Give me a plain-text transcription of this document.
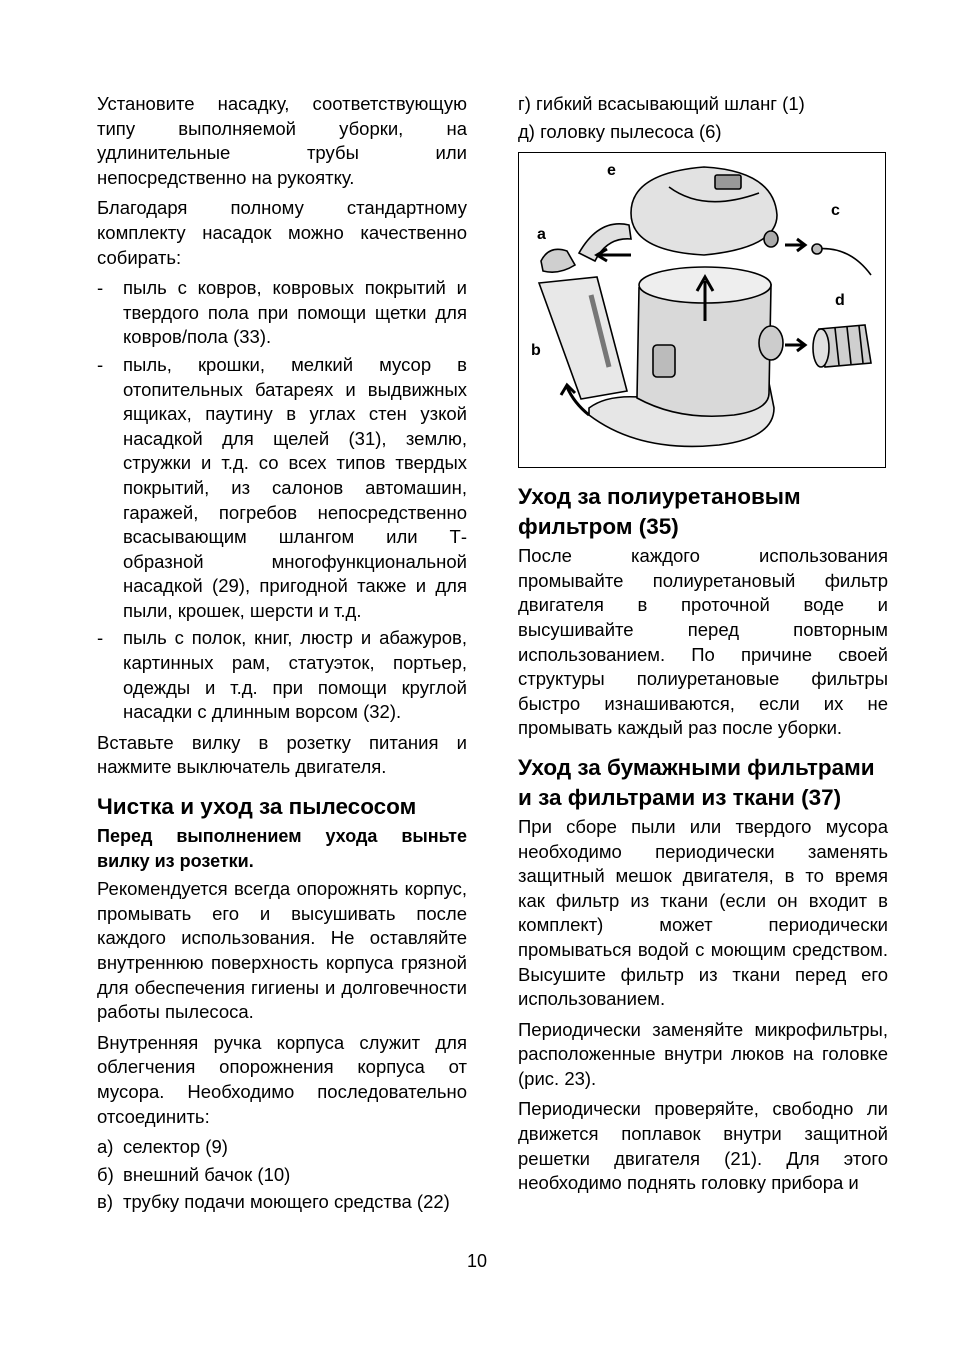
Установите насадку, соответствующую типу выполняемой уборки, на удлинительные трубы или непосредственно на рукоятку.

Благодаря полному стандартному комплекту насадок можно качественно собирать:

- пыль с ковров, ковровых покрытий и твердого пола при помощи щетки для ковров/пола (33).
- пыль, крошки, мелкий мусор в отопительных батареях и выдвижных ящиках, паутину в углах стен узкой насадкой для щелей (31), землю, стружки и т.д. со всех типов твердых покрытий, из салонов автомашин, гаражей, погребов непосредственно всасывающим шлангом или Т-образной многофункциональной насадкой (29), пригодной также и для пыли, крошек, шерсти и т.д.
- пыль с полок, книг, люстр и абажуров, картинных рам, статуэток, портьер, одежды и т.д. при помощи круглой насадки с длинным ворсом (32).

Вставьте вилку в розетку питания и нажмите выключатель двигателя.

Чистка и уход за пылесосом

Перед выполнением ухода выньте вилку из розетки.

Рекомендуется всегда опорожнять корпус, промывать его и высушивать после каждого использования. Не оставляйте внутреннюю поверхность корпуса грязной для обеспечения гигиены и долговечности работы пылесоса.

Внутренняя ручка корпуса служит для облегчения опорожнения корпуса от мусора. Необходимо последовательно отсоединить:

а) селектор (9)
б) внешний бачок (10)
в) трубку подачи моющего средства (22)
г) гибкий всасывающий шланг (1)
д) головку пылесоса (6)
e
a
c
d
b
Уход за полиуретановым фильтром (35)

После каждого использования промывайте полиуретановый фильтр двигателя в проточной воде и высушивайте перед повторным использованием. По причине своей структуры полиуретановые фильтры быстро изнашиваются, если их не промывать каждый раз после уборки.

Уход за бумажными фильтрами и за фильтрами из ткани (37)

При сборе пыли или твердого мусора необходимо периодически заменять защитный мешок двигателя, в то время как фильтр из ткани (если он входит в комплект) может периодически промываться водой с моющим средством. Высушите фильтр из ткани перед его использованием.

Периодически заменяйте микрофильтры, расположенные внутри люков на головке (рис. 23).

Периодически проверяйте, свободно ли движется поплавок внутри защитной решетки двигателя (21). Для этого необходимо поднять головку прибора и

10
